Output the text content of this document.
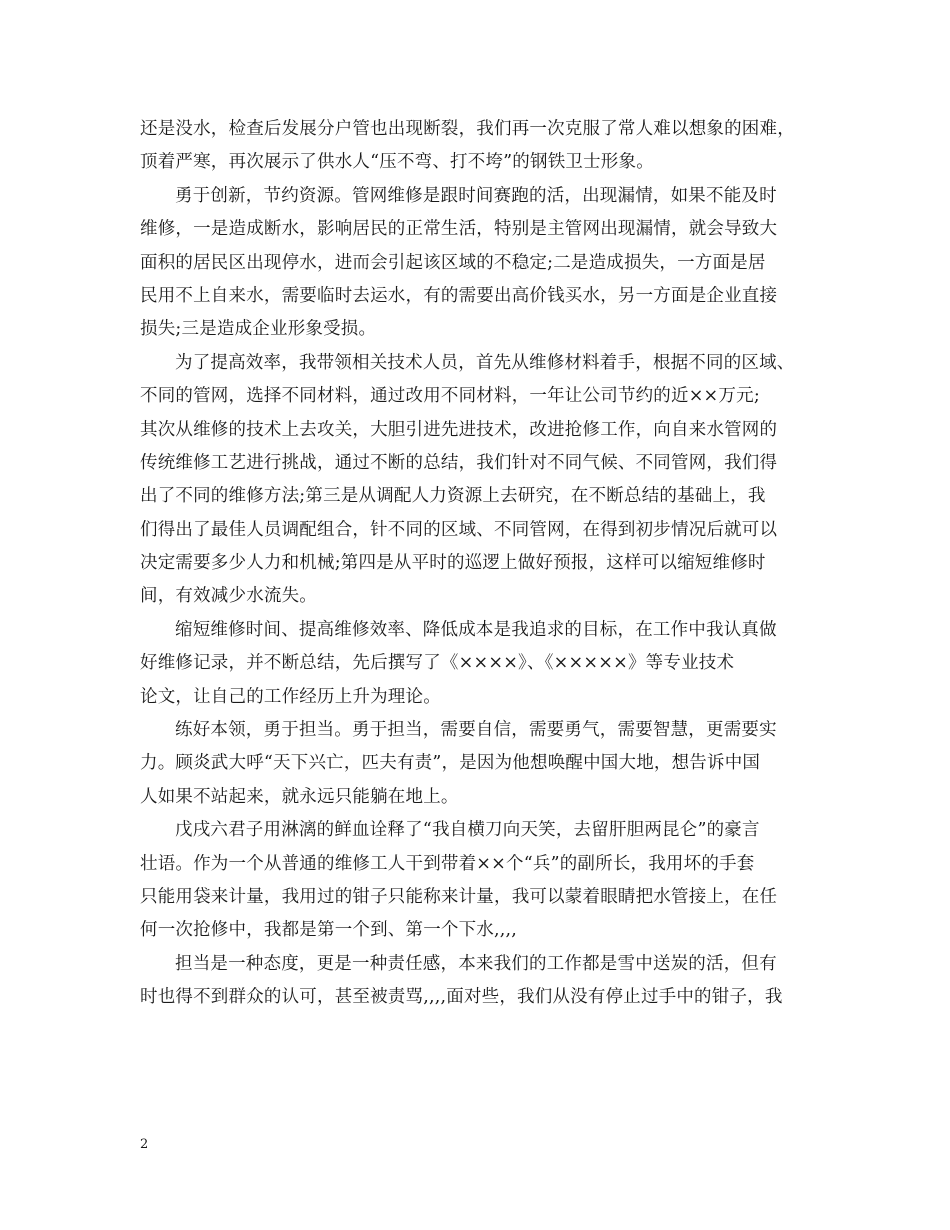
还是没水，检查后发展分户管也出现断裂，我们再一次克服了常人难以想象的困难，
顶着严寒，再次展示了供水人“压不弯、打不垮”的钢铁卫士形象。
勇于创新，节约资源。管网维修是跟时间赛跑的活，出现漏情，如果不能及时
维修，一是造成断水，影响居民的正常生活，特别是主管网出现漏情，就会导致大
面积的居民区出现停水，进而会引起该区域的不稳定;二是造成损失，一方面是居
民用不上自来水，需要临时去运水，有的需要出高价钱买水，另一方面是企业直接
损失;三是造成企业形象受损。
为了提高效率，我带领相关技术人员，首先从维修材料着手，根据不同的区域、
不同的管网，选择不同材料，通过改用不同材料，一年让公司节约的近××万元;
其次从维修的技术上去攻关，大胆引进先进技术，改进抢修工作，向自来水管网的
传统维修工艺进行挑战，通过不断的总结，我们针对不同气候、不同管网，我们得
出了不同的维修方法;第三是从调配人力资源上去研究，在不断总结的基础上，我
们得出了最佳人员调配组合，针不同的区域、不同管网，在得到初步情况后就可以
决定需要多少人力和机械;第四是从平时的巡逻上做好预报，这样可以缩短维修时
间，有效减少水流失。
缩短维修时间、提高维修效率、降低成本是我追求的目标，在工作中我认真做
好维修记录，并不断总结，先后撰写了《××××》、《×××××》等专业技术
论文，让自己的工作经历上升为理论。
练好本领，勇于担当。勇于担当，需要自信，需要勇气，需要智慧，更需要实
力。顾炎武大呼“天下兴亡，匹夫有责”，是因为他想唤醒中国大地，想告诉中国
人如果不站起来，就永远只能躺在地上。
戊戌六君子用淋漓的鲜血诠释了“我自横刀向天笑，去留肝胆两昆仑”的豪言
壮语。作为一个从普通的维修工人干到带着××个“兵”的副所长，我用坏的手套
只能用袋来计量，我用过的钳子只能称来计量，我可以蒙着眼睛把水管接上，在任
何一次抢修中，我都是第一个到、第一个下水,,,,
担当是一种态度，更是一种责任感，本来我们的工作都是雪中送炭的活，但有
时也得不到群众的认可，甚至被责骂,,,,面对些，我们从没有停止过手中的钳子，我
2
